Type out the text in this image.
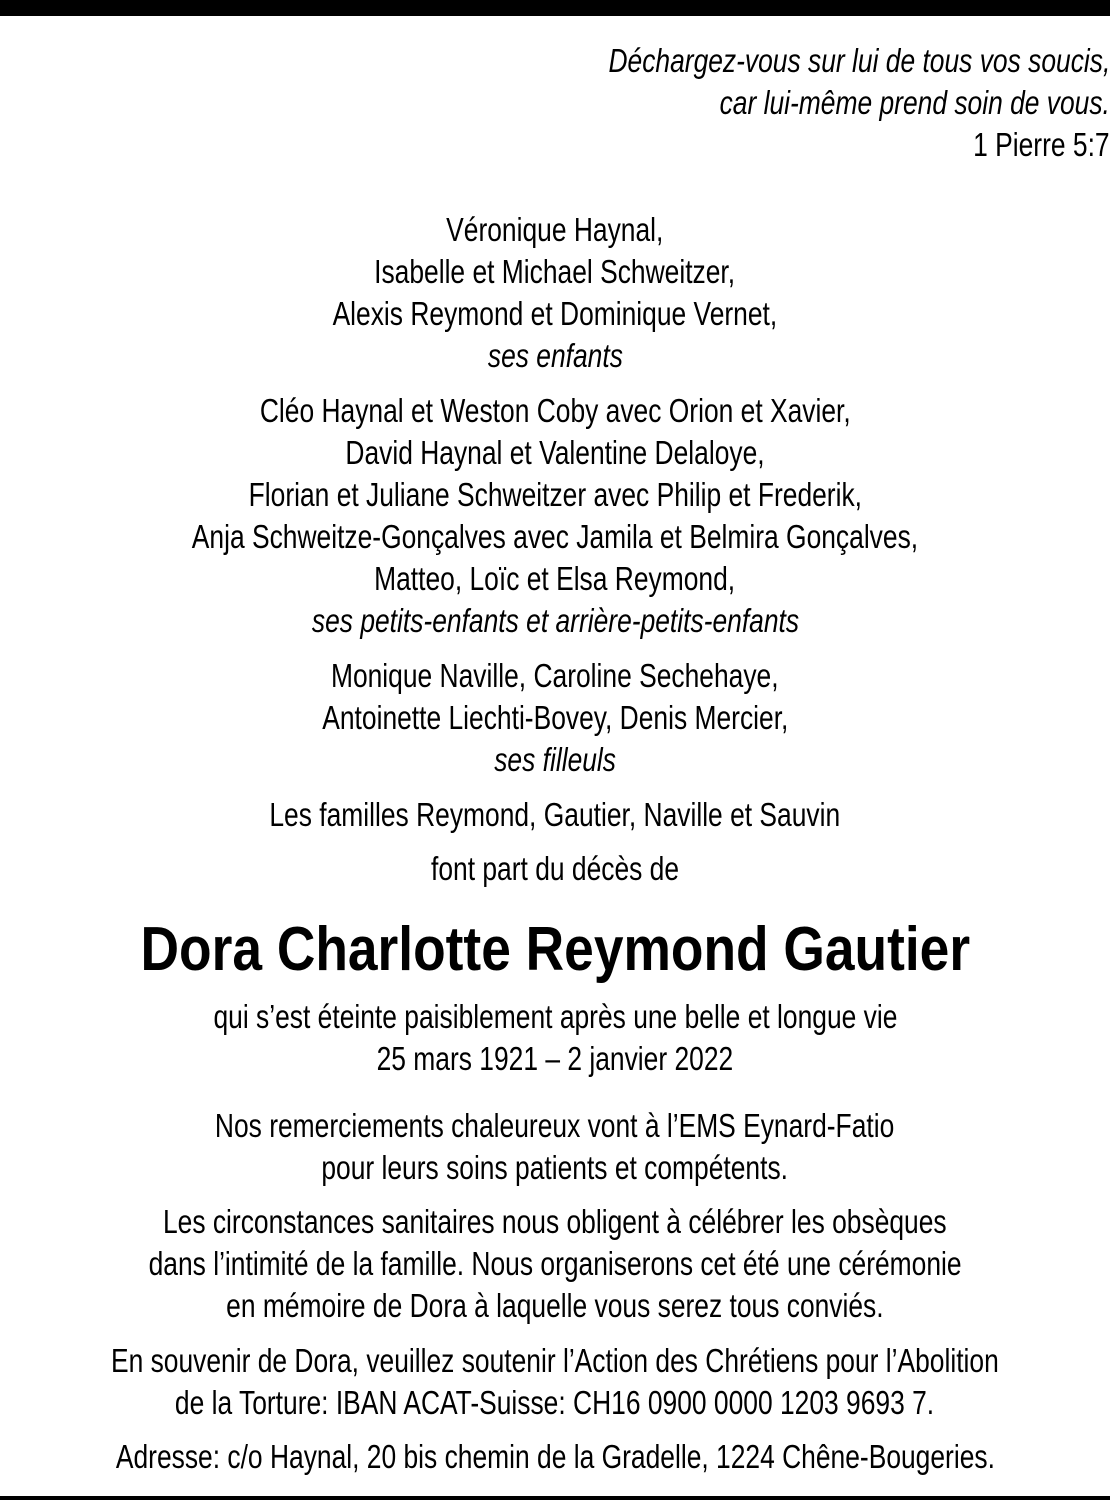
Déchargez-vous sur lui de tous vos soucis,
car lui-même prend soin de vous.
1 Pierre 5:7
Véronique Haynal,
Isabelle et Michael Schweitzer,
Alexis Reymond et Dominique Vernet,
ses enfants
Cléo Haynal et Weston Coby avec Orion et Xavier,
David Haynal et Valentine Delaloye,
Florian et Juliane Schweitzer avec Philip et Frederik,
Anja Schweitze-Gonçalves avec Jamila et Belmira Gonçalves,
Matteo, Loïc et Elsa Reymond,
ses petits-enfants et arrière-petits-enfants
Monique Naville, Caroline Sechehaye,
Antoinette Liechti-Bovey, Denis Mercier,
ses filleuls
Les familles Reymond, Gautier, Naville et Sauvin
font part du décès de
Dora Charlotte Reymond Gautier
qui s’est éteinte paisiblement après une belle et longue vie
25 mars 1921 – 2 janvier 2022
Nos remerciements chaleureux vont à l’EMS Eynard-Fatio
pour leurs soins patients et compétents.
Les circonstances sanitaires nous obligent à célébrer les obsèques
dans l’intimité de la famille. Nous organiserons cet été une cérémonie
en mémoire de Dora à laquelle vous serez tous conviés.
En souvenir de Dora, veuillez soutenir l’Action des Chrétiens pour l’Abolition
de la Torture: IBAN ACAT-Suisse: CH16 0900 0000 1203 9693 7.
Adresse: c/o Haynal, 20 bis chemin de la Gradelle, 1224 Chêne-Bougeries.
